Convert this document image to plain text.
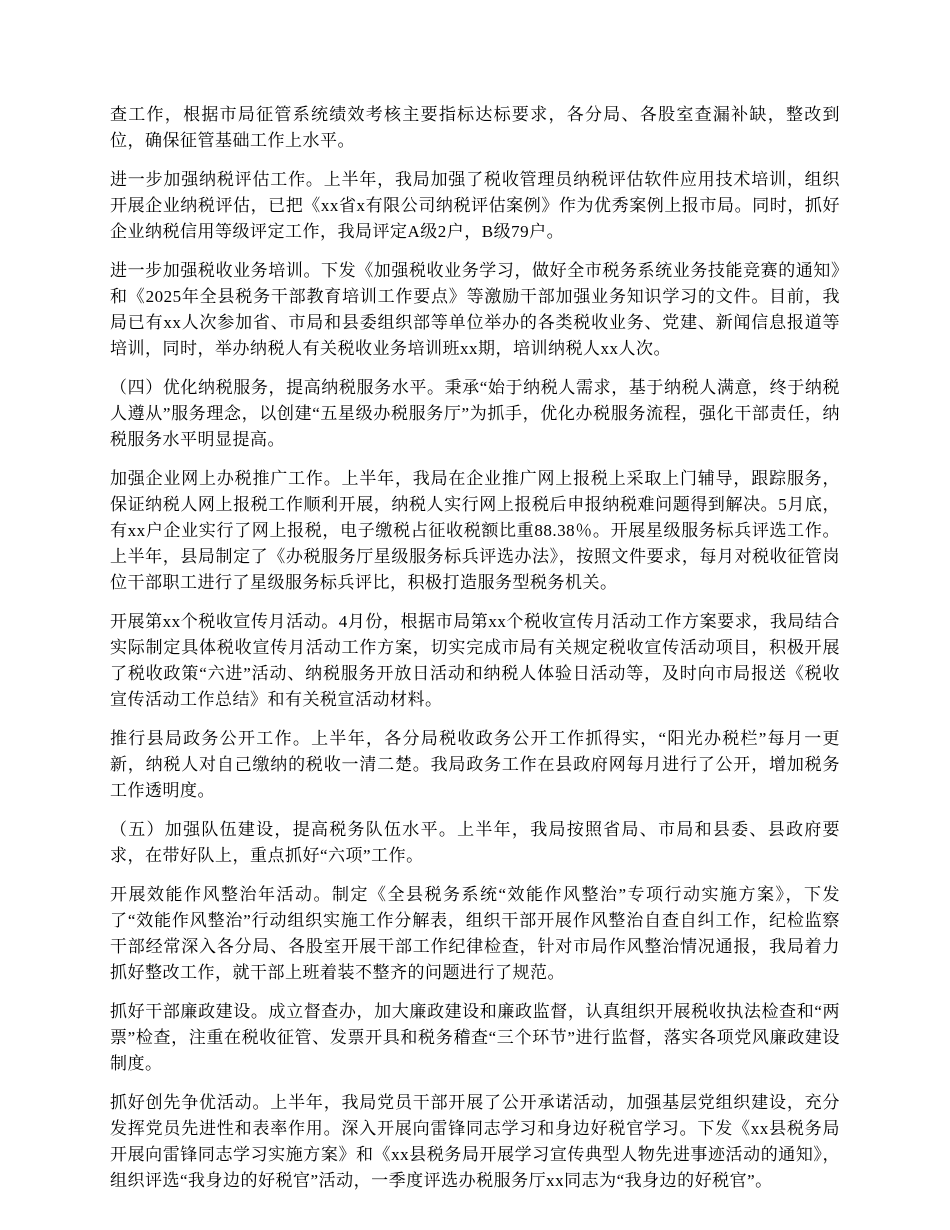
查工作，根据市局征管系统绩效考核主要指标达标要求，各分局、各股室查漏补缺，整改到位，确保征管基础工作上水平。

进一步加强纳税评估工作。上半年，我局加强了税收管理员纳税评估软件应用技术培训，组织开展企业纳税评估，已把《xx省x有限公司纳税评估案例》作为优秀案例上报市局。同时，抓好企业纳税信用等级评定工作，我局评定A级2户，B级79户。

进一步加强税收业务培训。下发《加强税收业务学习，做好全市税务系统业务技能竞赛的通知》和《2025年全县税务干部教育培训工作要点》等激励干部加强业务知识学习的文件。目前，我局已有xx人次参加省、市局和县委组织部等单位举办的各类税收业务、党建、新闻信息报道等培训，同时，举办纳税人有关税收业务培训班xx期，培训纳税人xx人次。

（四）优化纳税服务，提高纳税服务水平。秉承“始于纳税人需求，基于纳税人满意，终于纳税人遵从”服务理念，以创建“五星级办税服务厅”为抓手，优化办税服务流程，强化干部责任，纳税服务水平明显提高。

加强企业网上办税推广工作。上半年，我局在企业推广网上报税上采取上门辅导，跟踪服务，保证纳税人网上报税工作顺利开展，纳税人实行网上报税后申报纳税难问题得到解决。5月底，有xx户企业实行了网上报税，电子缴税占征收税额比重88.38％。开展星级服务标兵评选工作。上半年，县局制定了《办税服务厅星级服务标兵评选办法》，按照文件要求，每月对税收征管岗位干部职工进行了星级服务标兵评比，积极打造服务型税务机关。

开展第xx个税收宣传月活动。4月份，根据市局第xx个税收宣传月活动工作方案要求，我局结合实际制定具体税收宣传月活动工作方案，切实完成市局有关规定税收宣传活动项目，积极开展了税收政策“六进”活动、纳税服务开放日活动和纳税人体验日活动等，及时向市局报送《税收宣传活动工作总结》和有关税宣活动材料。

推行县局政务公开工作。上半年，各分局税收政务公开工作抓得实，“阳光办税栏”每月一更新，纳税人对自己缴纳的税收一清二楚。我局政务工作在县政府网每月进行了公开，增加税务工作透明度。

（五）加强队伍建设，提高税务队伍水平。上半年，我局按照省局、市局和县委、县政府要求，在带好队上，重点抓好“六项”工作。

开展效能作风整治年活动。制定《全县税务系统“效能作风整治”专项行动实施方案》，下发了“效能作风整治”行动组织实施工作分解表，组织干部开展作风整治自查自纠工作，纪检监察干部经常深入各分局、各股室开展干部工作纪律检查，针对市局作风整治情况通报，我局着力抓好整改工作，就干部上班着装不整齐的问题进行了规范。

抓好干部廉政建设。成立督查办，加大廉政建设和廉政监督，认真组织开展税收执法检查和“两票”检查，注重在税收征管、发票开具和税务稽查“三个环节”进行监督，落实各项党风廉政建设制度。

抓好创先争优活动。上半年，我局党员干部开展了公开承诺活动，加强基层党组织建设，充分发挥党员先进性和表率作用。深入开展向雷锋同志学习和身边好税官学习。下发《xx县税务局开展向雷锋同志学习实施方案》和《xx县税务局开展学习宣传典型人物先进事迹活动的通知》，组织评选“我身边的好税官”活动，一季度评选办税服务厅xx同志为“我身边的好税官”。
